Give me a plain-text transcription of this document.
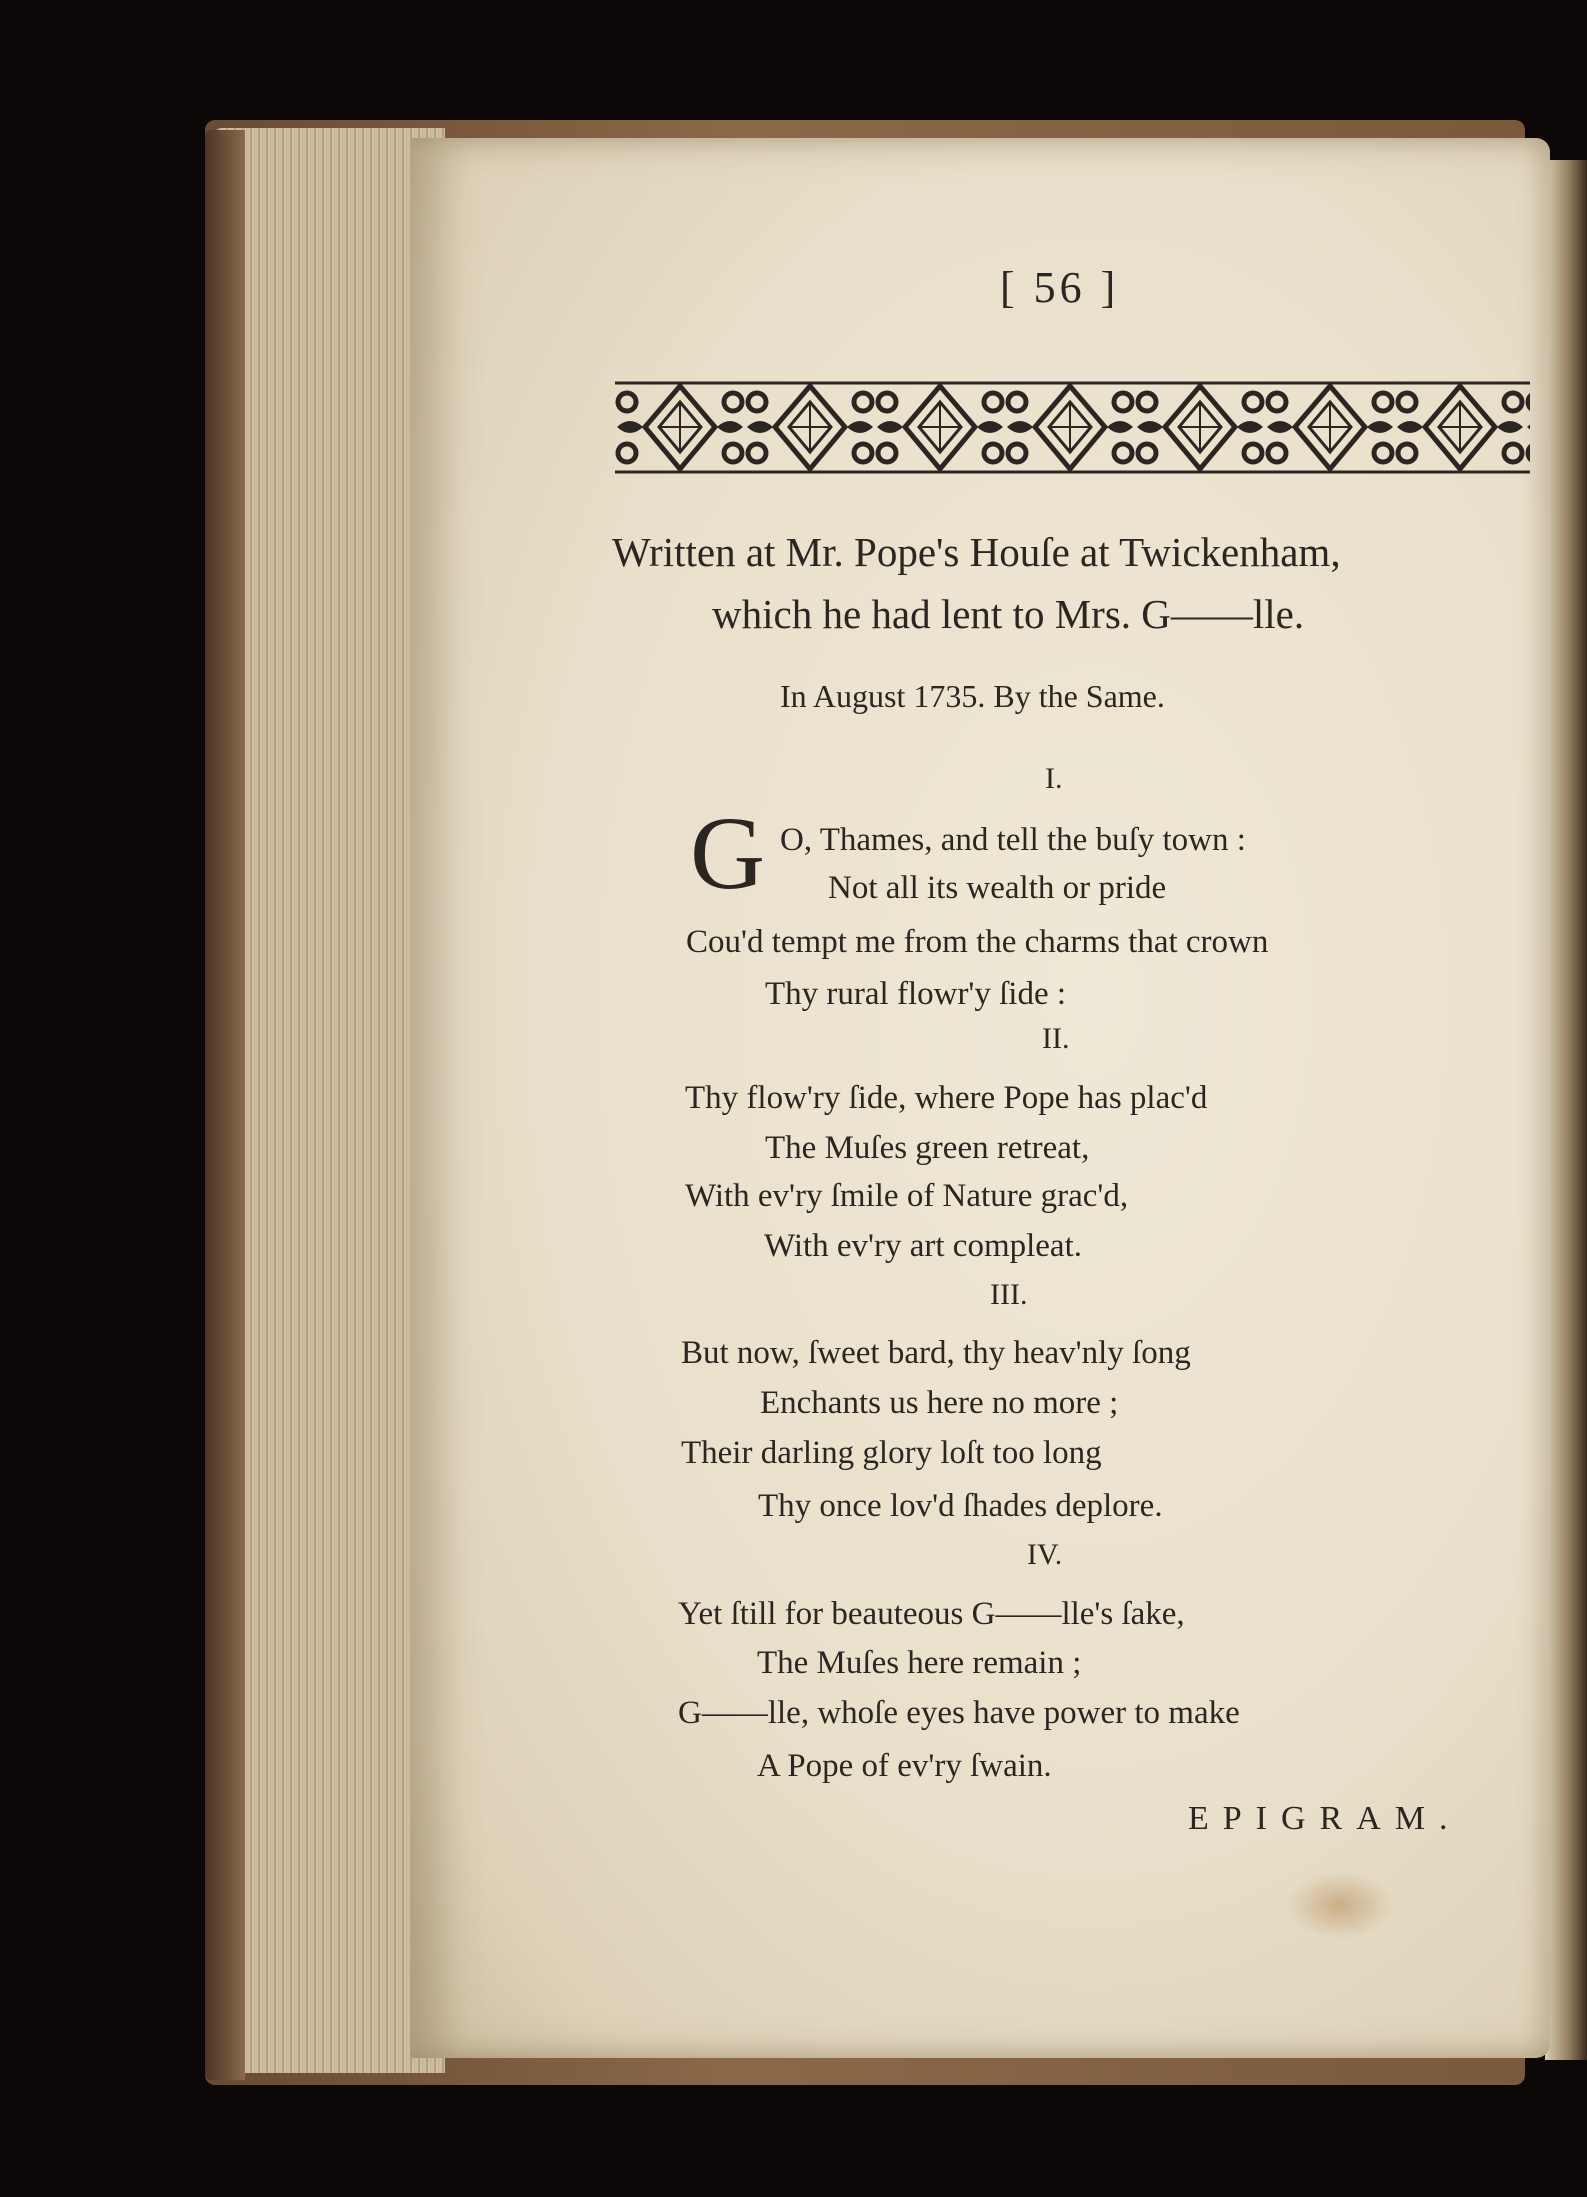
[ 56 ]
Written at Mr. Pope's Houſe at Twickenham,
which he had lent to Mrs. G——lle.
In August 1735. By the Same.
I.
G O, Thames, and tell the buſy town :
Not all its wealth or pride
Cou'd tempt me from the charms that crown
Thy rural flowr'y ſide :
II.
Thy flow'ry ſide, where Pope has plac'd
The Muſes green retreat,
With ev'ry ſmile of Nature grac'd,
With ev'ry art compleat.
III.
But now, ſweet bard, thy heav'nly ſong
Enchants us here no more ;
Their darling glory loſt too long
Thy once lov'd ſhades deplore.
IV.
Yet ſtill for beauteous G——lle's ſake,
The Muſes here remain ;
G——lle, whoſe eyes have power to make
A Pope of ev'ry ſwain.
EPIGRAM.
